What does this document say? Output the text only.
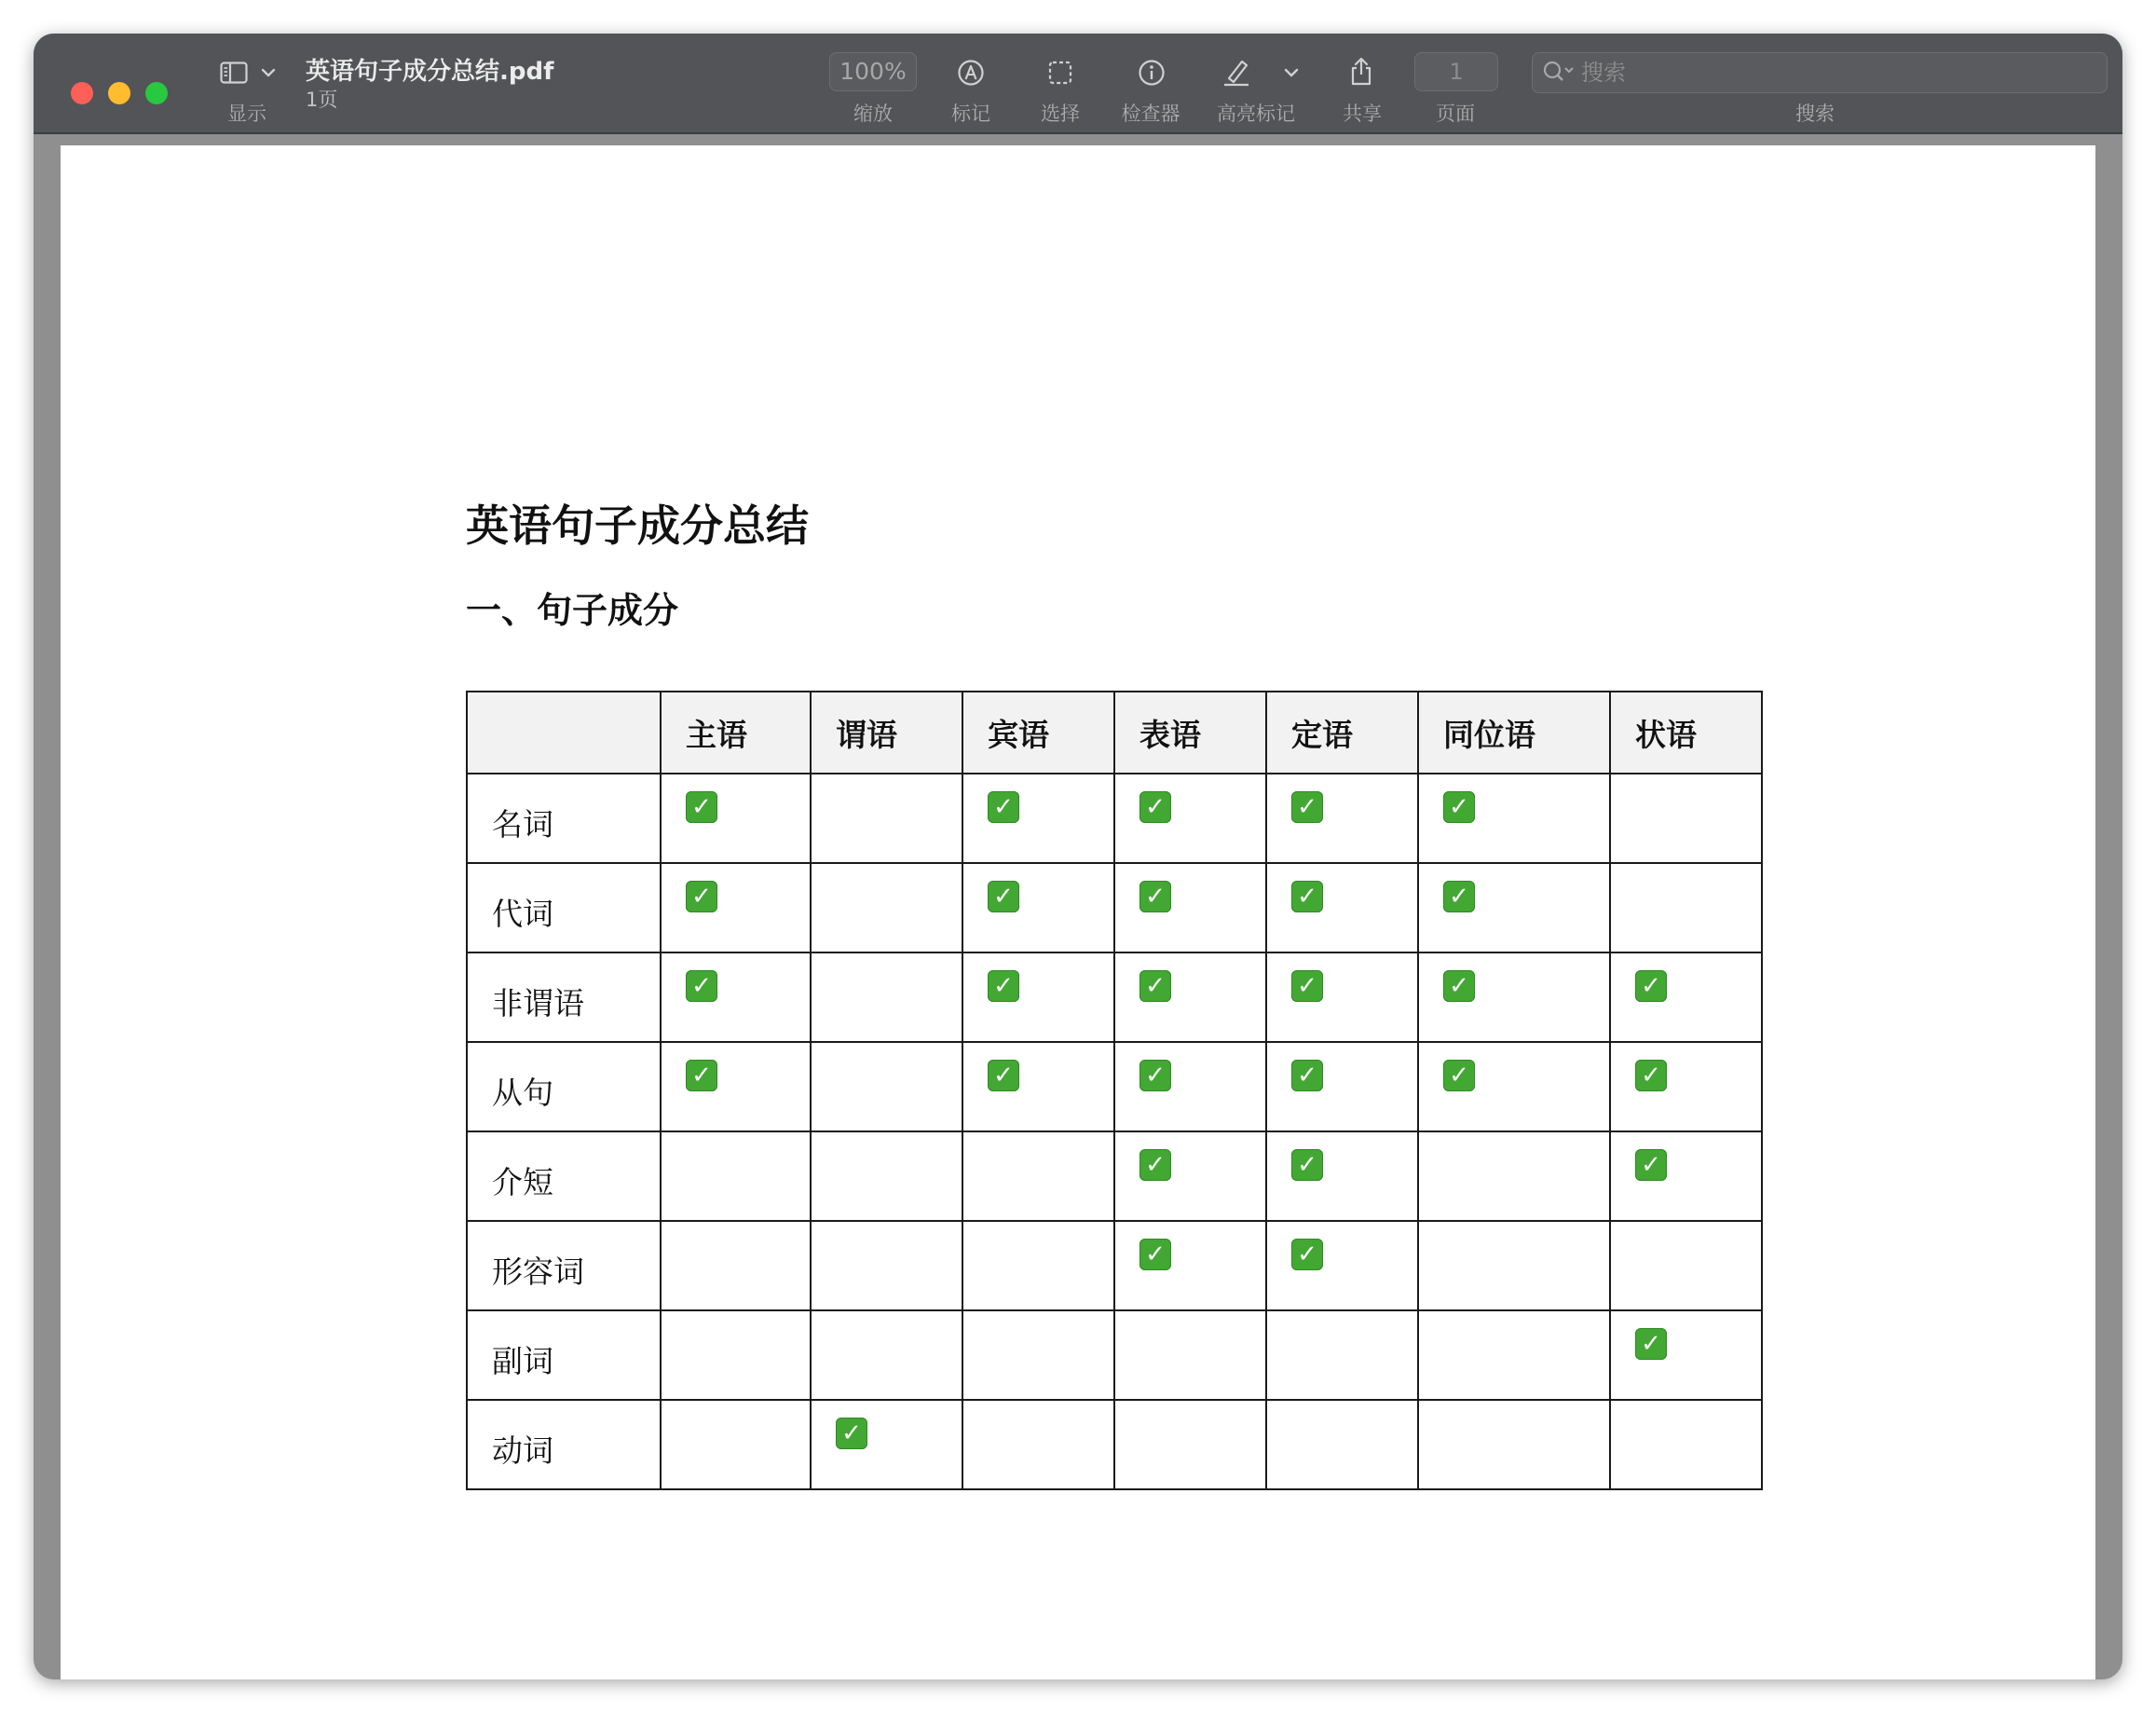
显示
英语句子成分总结.pdf
1页
100%
缩放	标记	选择 检查器 高亮标记 共享
1
页面
搜索	搜索
英语句子成分总结
一、句子成分
	主语	谓语	宾语	表语	定语	同位语	状语
名词	✓		✓	✓	✓	✓	
代词	✓		✓	✓	✓	✓	
非谓语	✓		✓	✓	✓	✓	✓
从句	✓		✓	✓	✓	✓	✓
介短				✓	✓		✓
形容词				✓	✓		
副词							✓
动词		✓					
